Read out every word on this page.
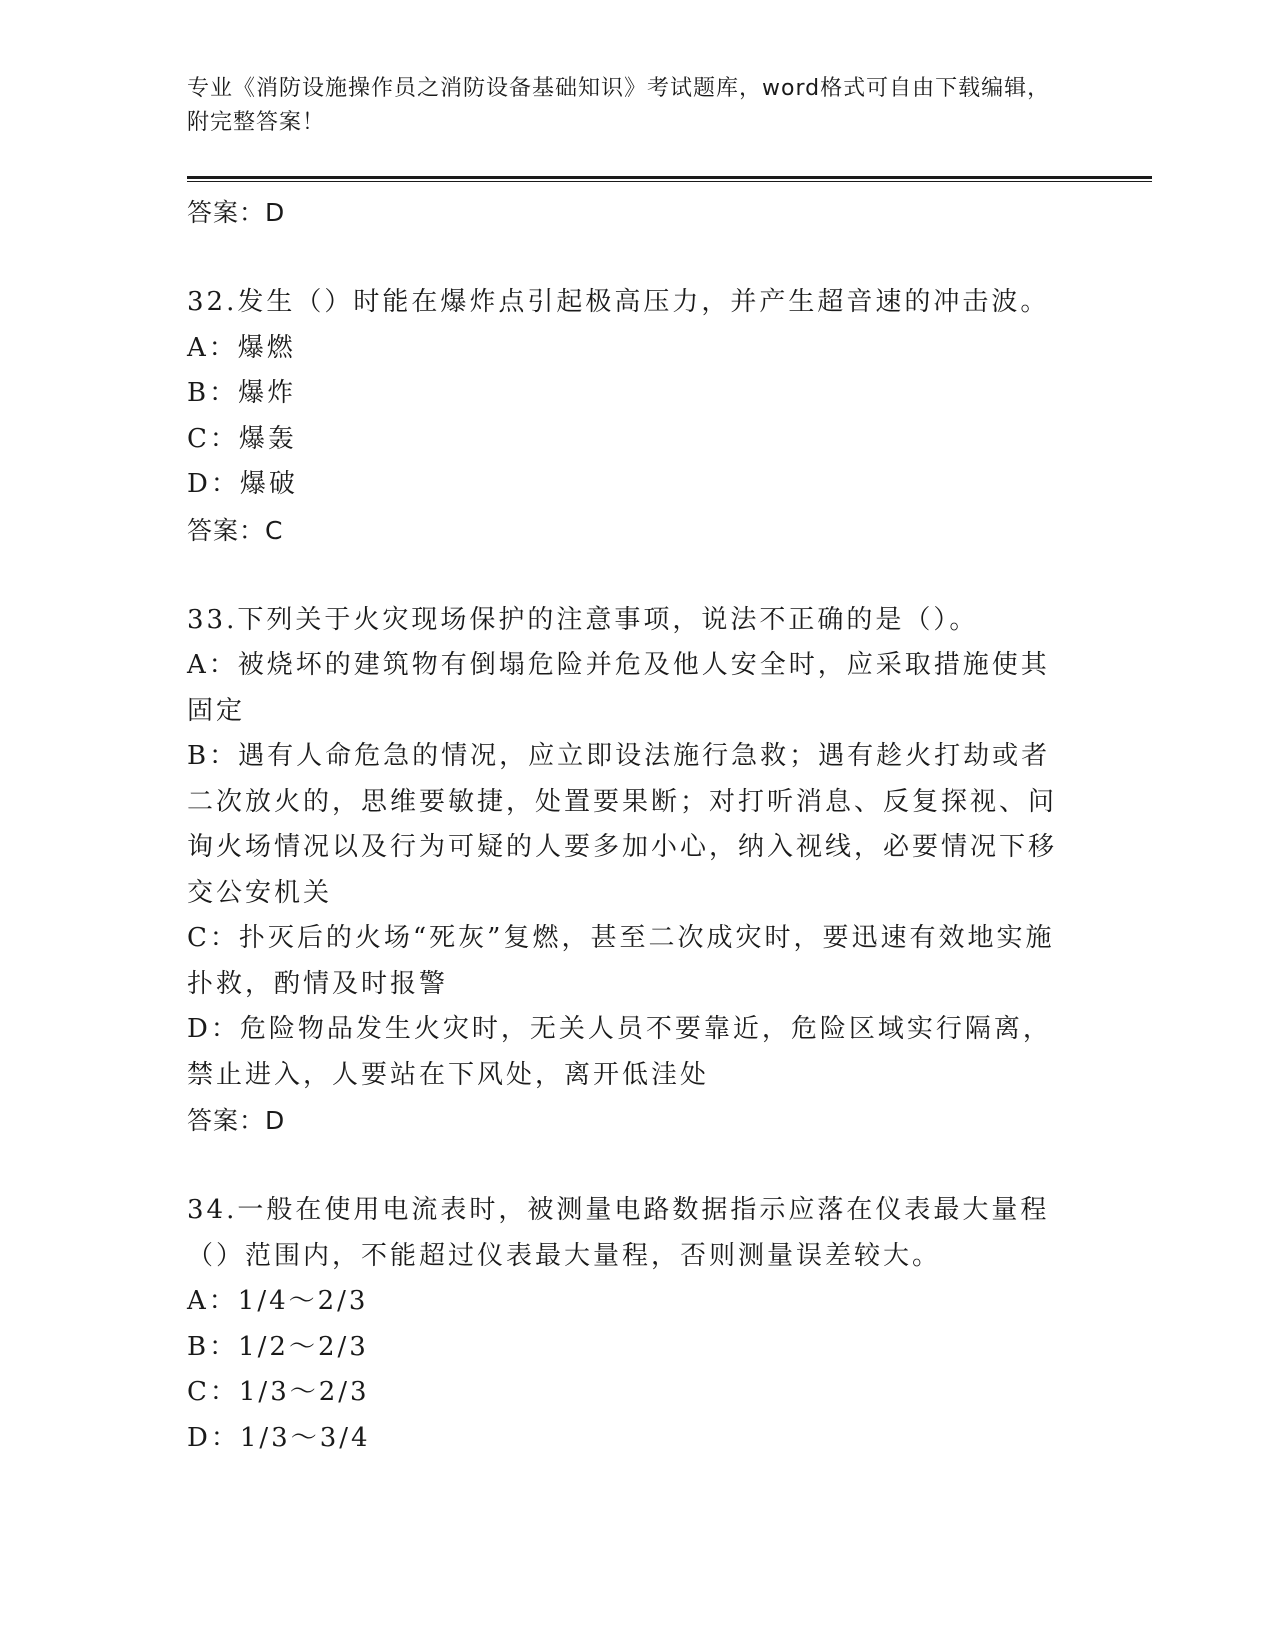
专业《消防设施操作员之消防设备基础知识》考试题库，word格式可自由下载编辑，附完整答案！
答案：D
32.发生（）时能在爆炸点引起极高压力，并产生超音速的冲击波。
A：爆燃
B：爆炸
C：爆轰
D：爆破
答案：C
33.下列关于火灾现场保护的注意事项，说法不正确的是（）。
A：被烧坏的建筑物有倒塌危险并危及他人安全时，应采取措施使其固定
B：遇有人命危急的情况，应立即设法施行急救；遇有趁火打劫或者二次放火的，思维要敏捷，处置要果断；对打听消息、反复探视、问询火场情况以及行为可疑的人要多加小心，纳入视线，必要情况下移交公安机关
C：扑灭后的火场“死灰”复燃，甚至二次成灾时，要迅速有效地实施扑救，酌情及时报警
D：危险物品发生火灾时，无关人员不要靠近，危险区域实行隔离，禁止进入，人要站在下风处，离开低洼处
答案：D
34.一般在使用电流表时，被测量电路数据指示应落在仪表最大量程（）范围内，不能超过仪表最大量程，否则测量误差较大。
A：1/4～2/3
B：1/2～2/3
C：1/3～2/3
D：1/3～3/4
